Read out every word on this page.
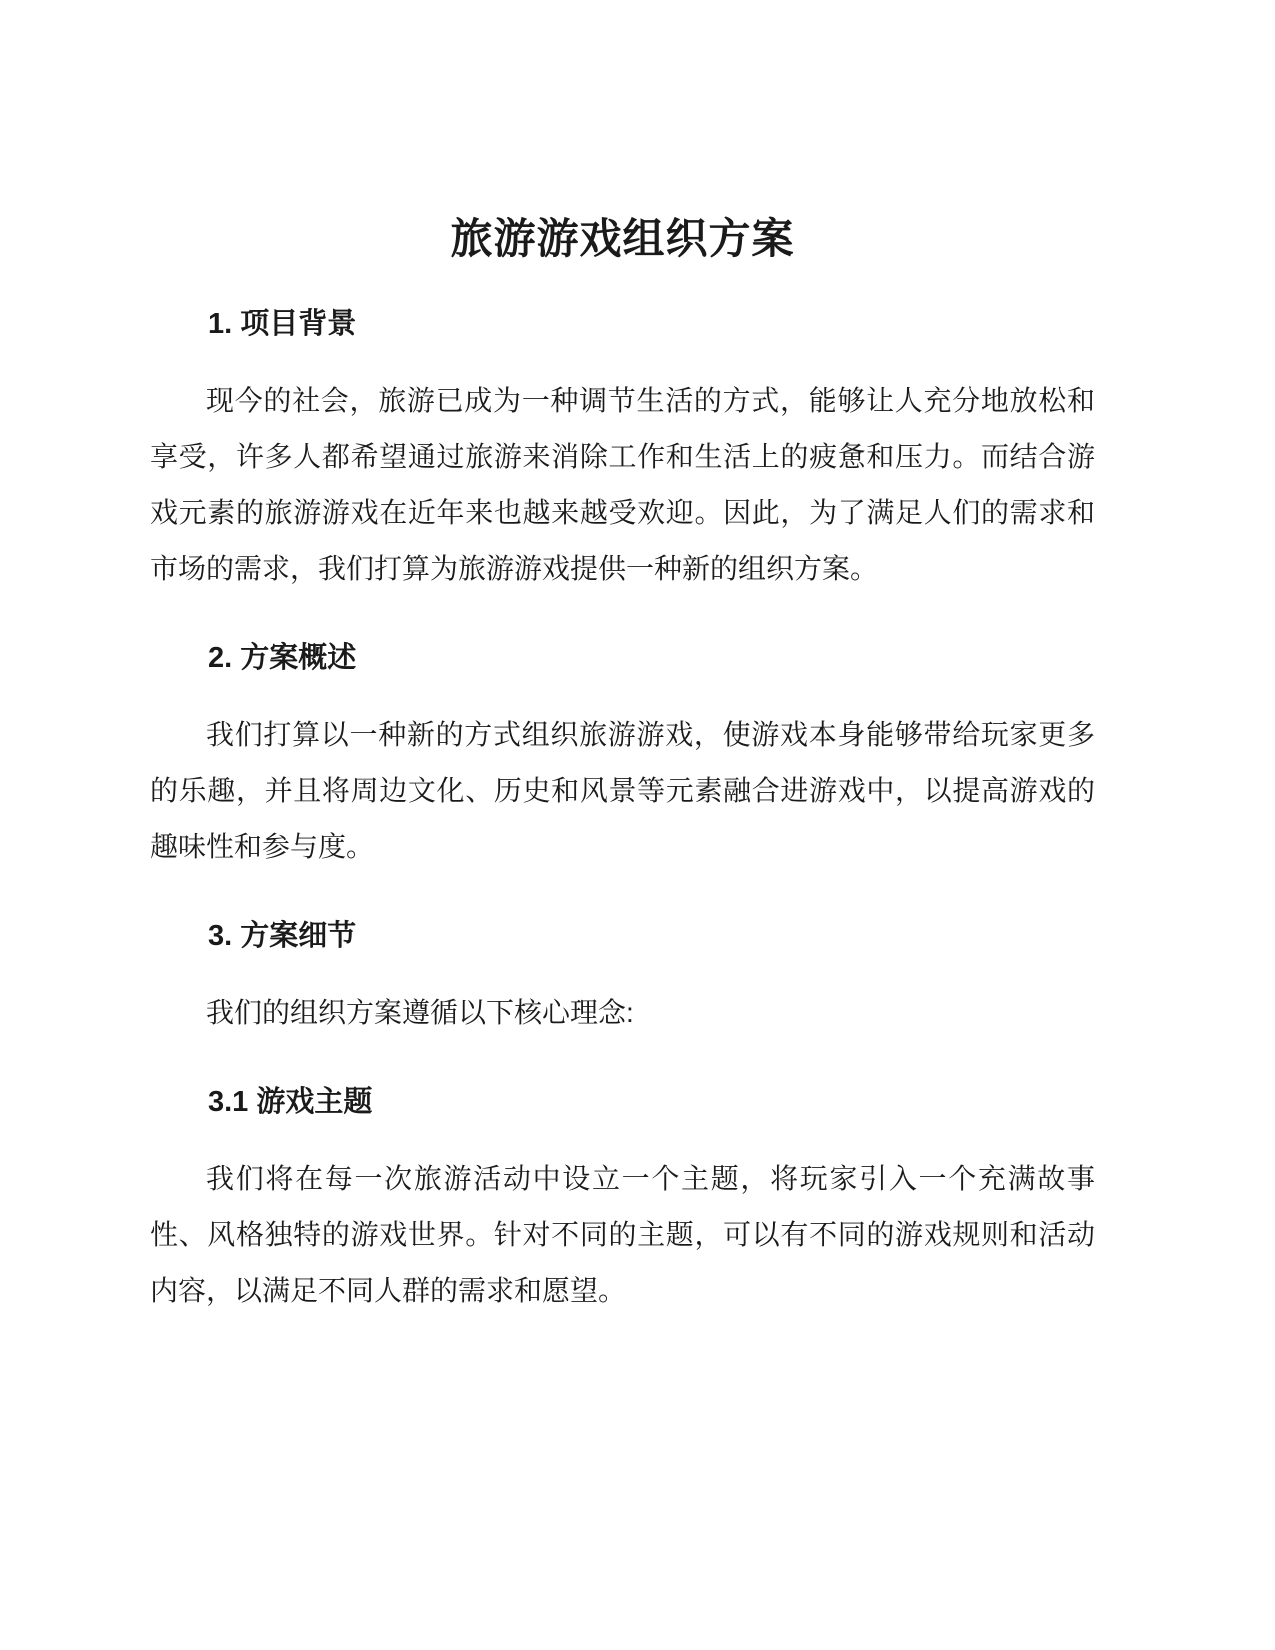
旅游游戏组织方案
1. 项目背景

现今的社会，旅游已成为一种调节生活的方式，能够让人充分地放松和享受，许多人都希望通过旅游来消除工作和生活上的疲惫和压力。而结合游戏元素的旅游游戏在近年来也越来越受欢迎。因此，为了满足人们的需求和市场的需求，我们打算为旅游游戏提供一种新的组织方案。

2. 方案概述

我们打算以一种新的方式组织旅游游戏，使游戏本身能够带给玩家更多的乐趣，并且将周边文化、历史和风景等元素融合进游戏中，以提高游戏的趣味性和参与度。

3. 方案细节

我们的组织方案遵循以下核心理念:

3.1 游戏主题

我们将在每一次旅游活动中设立一个主题，将玩家引入一个充满故事性、风格独特的游戏世界。针对不同的主题，可以有不同的游戏规则和活动内容，以满足不同人群的需求和愿望。
